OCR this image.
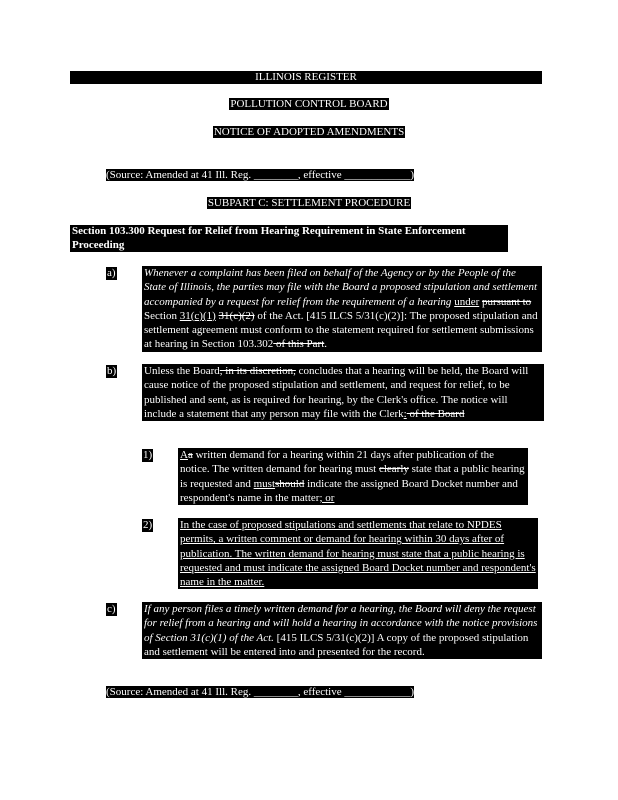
ILLINOIS REGISTER
POLLUTION CONTROL BOARD
NOTICE OF ADOPTED AMENDMENTS
(Source: Amended at 41 Ill. Reg. ________, effective ____________)
SUBPART C: SETTLEMENT PROCEDURE
Section 103.300 Request for Relief from Hearing Requirement in State Enforcement Proceeding
a)	Whenever a complaint has been filed on behalf of the Agency or by the People of the State of Illinois, the parties may file with the Board a proposed stipulation and settlement accompanied by a request for relief from the requirement of a hearing under pursuant to Section 31(c)(1) 31(c)(2) of the Act. [415 ILCS 5/31(c)(2)]: The proposed stipulation and settlement agreement must conform to the statement required for settlement submissions at hearing in Section 103.302 of this Part.
b)	Unless the Board, in its discretion, concludes that a hearing will be held, the Board will cause notice of the proposed stipulation and settlement, and request for relief, to be published and sent, as is required for hearing, by the Clerk's office. The notice will include a statement that any person may file with the Clerk: of the Board
1)	Aa written demand for a hearing within 21 days after publication of the notice. The written demand for hearing must clearly state that a public hearing is requested and mustshould indicate the assigned Board Docket number and respondent's name in the matter; or
2)	In the case of proposed stipulations and settlements that relate to NPDES permits, a written comment or demand for hearing within 30 days after of publication. The written demand for hearing must state that a public hearing is requested and must indicate the assigned Board Docket number and respondent's name in the matter.
c)	If any person files a timely written demand for a hearing, the Board will deny the request for relief from a hearing and will hold a hearing in accordance with the notice provisions of Section 31(c)(1) of the Act. [415 ILCS 5/31(c)(2)] A copy of the proposed stipulation and settlement will be entered into and presented for the record.
(Source: Amended at 41 Ill. Reg. ________, effective ____________)
